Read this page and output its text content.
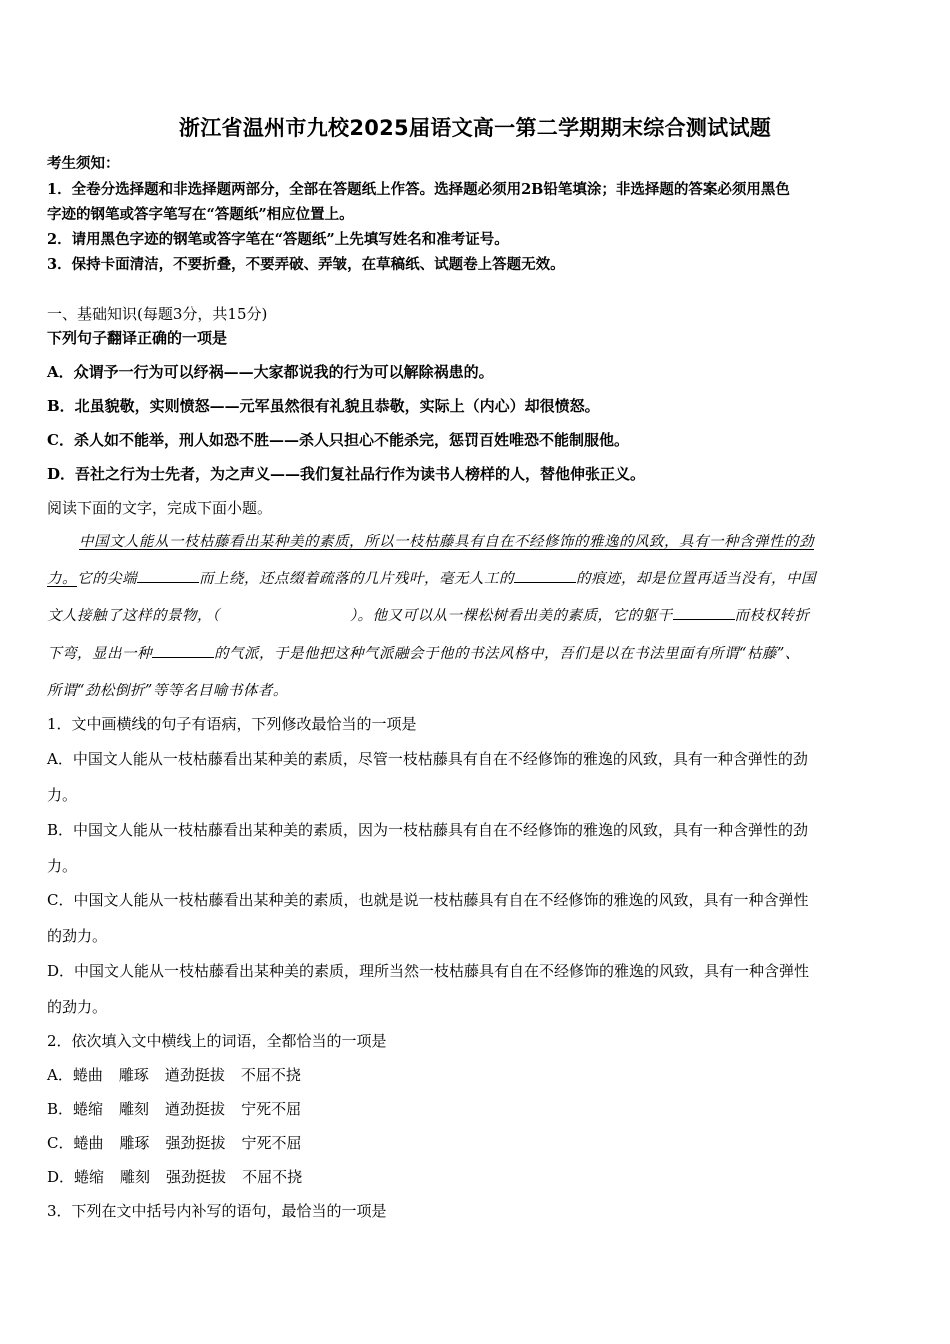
浙江省温州市九校2025届语文高一第二学期期末综合测试试题
考生须知：
1．全卷分选择题和非选择题两部分，全部在答题纸上作答。选择题必须用2B铅笔填涂；非选择题的答案必须用黑色
字迹的钢笔或答字笔写在“答题纸”相应位置上。
2．请用黑色字迹的钢笔或答字笔在“答题纸”上先填写姓名和准考证号。
3．保持卡面清洁，不要折叠，不要弄破、弄皱，在草稿纸、试题卷上答题无效。
一、基础知识(每题3分，共15分)
下列句子翻译正确的一项是
A．众谓予一行为可以纾祸——大家都说我的行为可以解除祸患的。
B．北虽貌敬，实则愤怒——元军虽然很有礼貌且恭敬，实际上（内心）却很愤怒。
C．杀人如不能举，刑人如恐不胜——杀人只担心不能杀完，惩罚百姓唯恐不能制服他。
D．吾社之行为士先者，为之声义——我们复社品行作为读书人榜样的人，替他伸张正义。
阅读下面的文字，完成下面小题。
中国文人能从一枝枯藤看出某种美的素质，所以一枝枯藤具有自在不经修饰的雅逸的风致，具有一种含弹性的劲
力。它的尖端	而上绕，还点缀着疏落的几片残叶，毫无人工的	的痕迹，却是位置再适当没有，中国
文人接触了这样的景物，（	）。他又可以从一棵松树看出美的素质，它的躯干	而枝权转折
下弯，显出一种	的气派，于是他把这种气派融会于他的书法风格中，吾们是以在书法里面有所谓“枯藤”、
所谓“劲松倒折”等等名目喻书体者。
1．文中画横线的句子有语病，下列修改最恰当的一项是
A．中国文人能从一枝枯藤看出某种美的素质，尽管一枝枯藤具有自在不经修饰的雅逸的风致，具有一种含弹性的劲
力。
B．中国文人能从一枝枯藤看出某种美的素质，因为一枝枯藤具有自在不经修饰的雅逸的风致，具有一种含弹性的劲
力。
C．中国文人能从一枝枯藤看出某种美的素质，也就是说一枝枯藤具有自在不经修饰的雅逸的风致，具有一种含弹性
的劲力。
D．中国文人能从一枝枯藤看出某种美的素质，理所当然一枝枯藤具有自在不经修饰的雅逸的风致，具有一种含弹性
的劲力。
2．依次填入文中横线上的词语，全都恰当的一项是
A．蜷曲 雕琢 遒劲挺拔 不屈不挠
B．蜷缩 雕刻 遒劲挺拔 宁死不屈
C．蜷曲 雕琢 强劲挺拔 宁死不屈
D．蜷缩 雕刻 强劲挺拔 不屈不挠
3．下列在文中括号内补写的语句，最恰当的一项是
